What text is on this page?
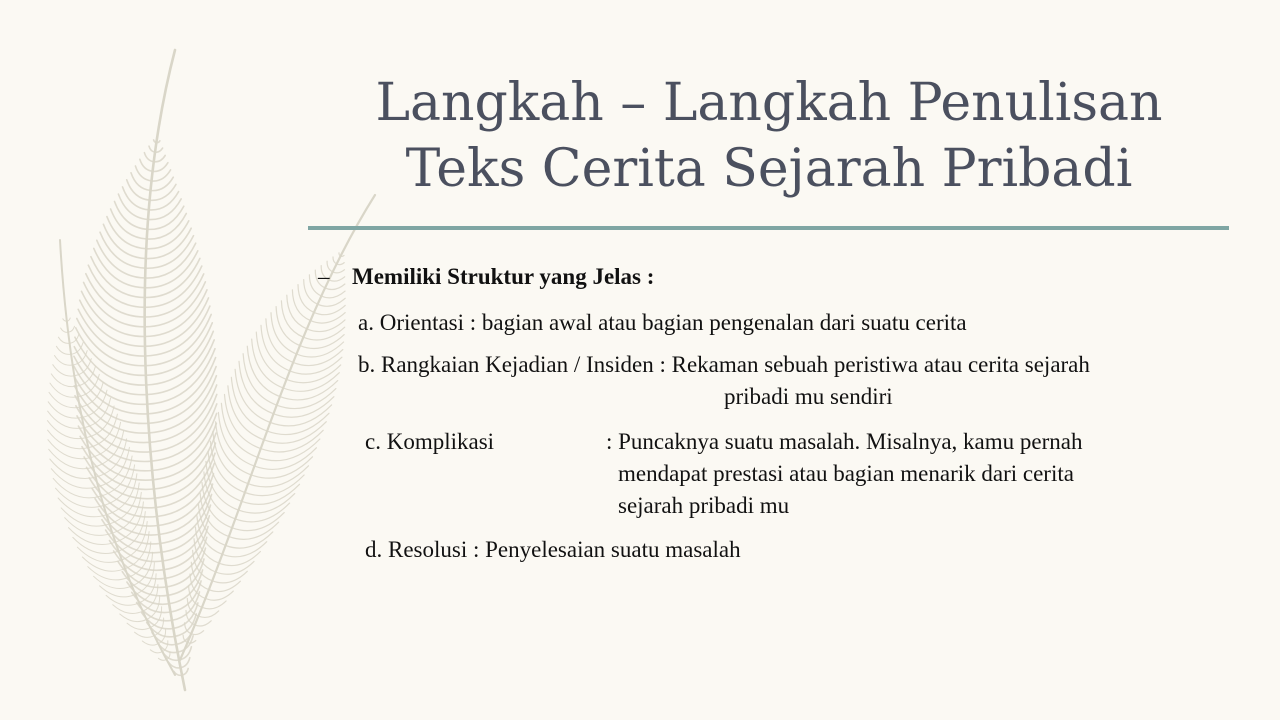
Langkah – Langkah Penulisan
Teks Cerita Sejarah Pribadi
– Memiliki Struktur yang Jelas :
a. Orientasi : bagian awal atau bagian pengenalan dari suatu cerita
b. Rangkaian Kejadian / Insiden : Rekaman sebuah peristiwa atau cerita sejarah
pribadi mu sendiri
c. Komplikasi	: Puncaknya suatu masalah. Misalnya, kamu pernah
mendapat prestasi atau bagian menarik dari cerita
sejarah pribadi mu
d. Resolusi : Penyelesaian suatu masalah
